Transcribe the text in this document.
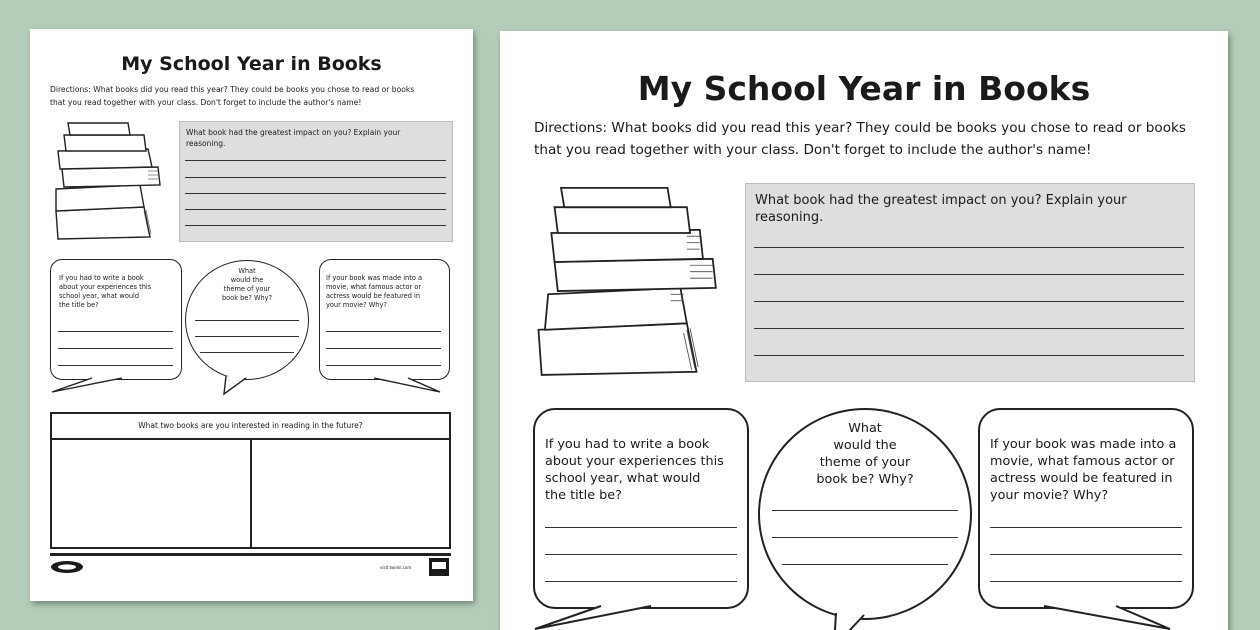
My School Year in Books
Directions: What books did you read this year? They could be books you chose to read or books
that you read together with your class. Don't forget to include the author's name!
What book had the greatest impact on you? Explain your
reasoning.
If you had to write a book
about your experiences this
school year, what would
the title be?
What
would the
theme of your
book be? Why?
If your book was made into a
movie, what famous actor or
actress would be featured in
your movie? Why?
What two books are you interested in reading in the future?
visit twinkl.com
My School Year in Books
Directions: What books did you read this year? They could be books you chose to read or books
that you read together with your class. Don't forget to include the author's name!
What book had the greatest impact on you? Explain your
reasoning.
If you had to write a book
about your experiences this
school year, what would
the title be?
What
would the
theme of your
book be? Why?
If your book was made into a
movie, what famous actor or
actress would be featured in
your movie? Why?
